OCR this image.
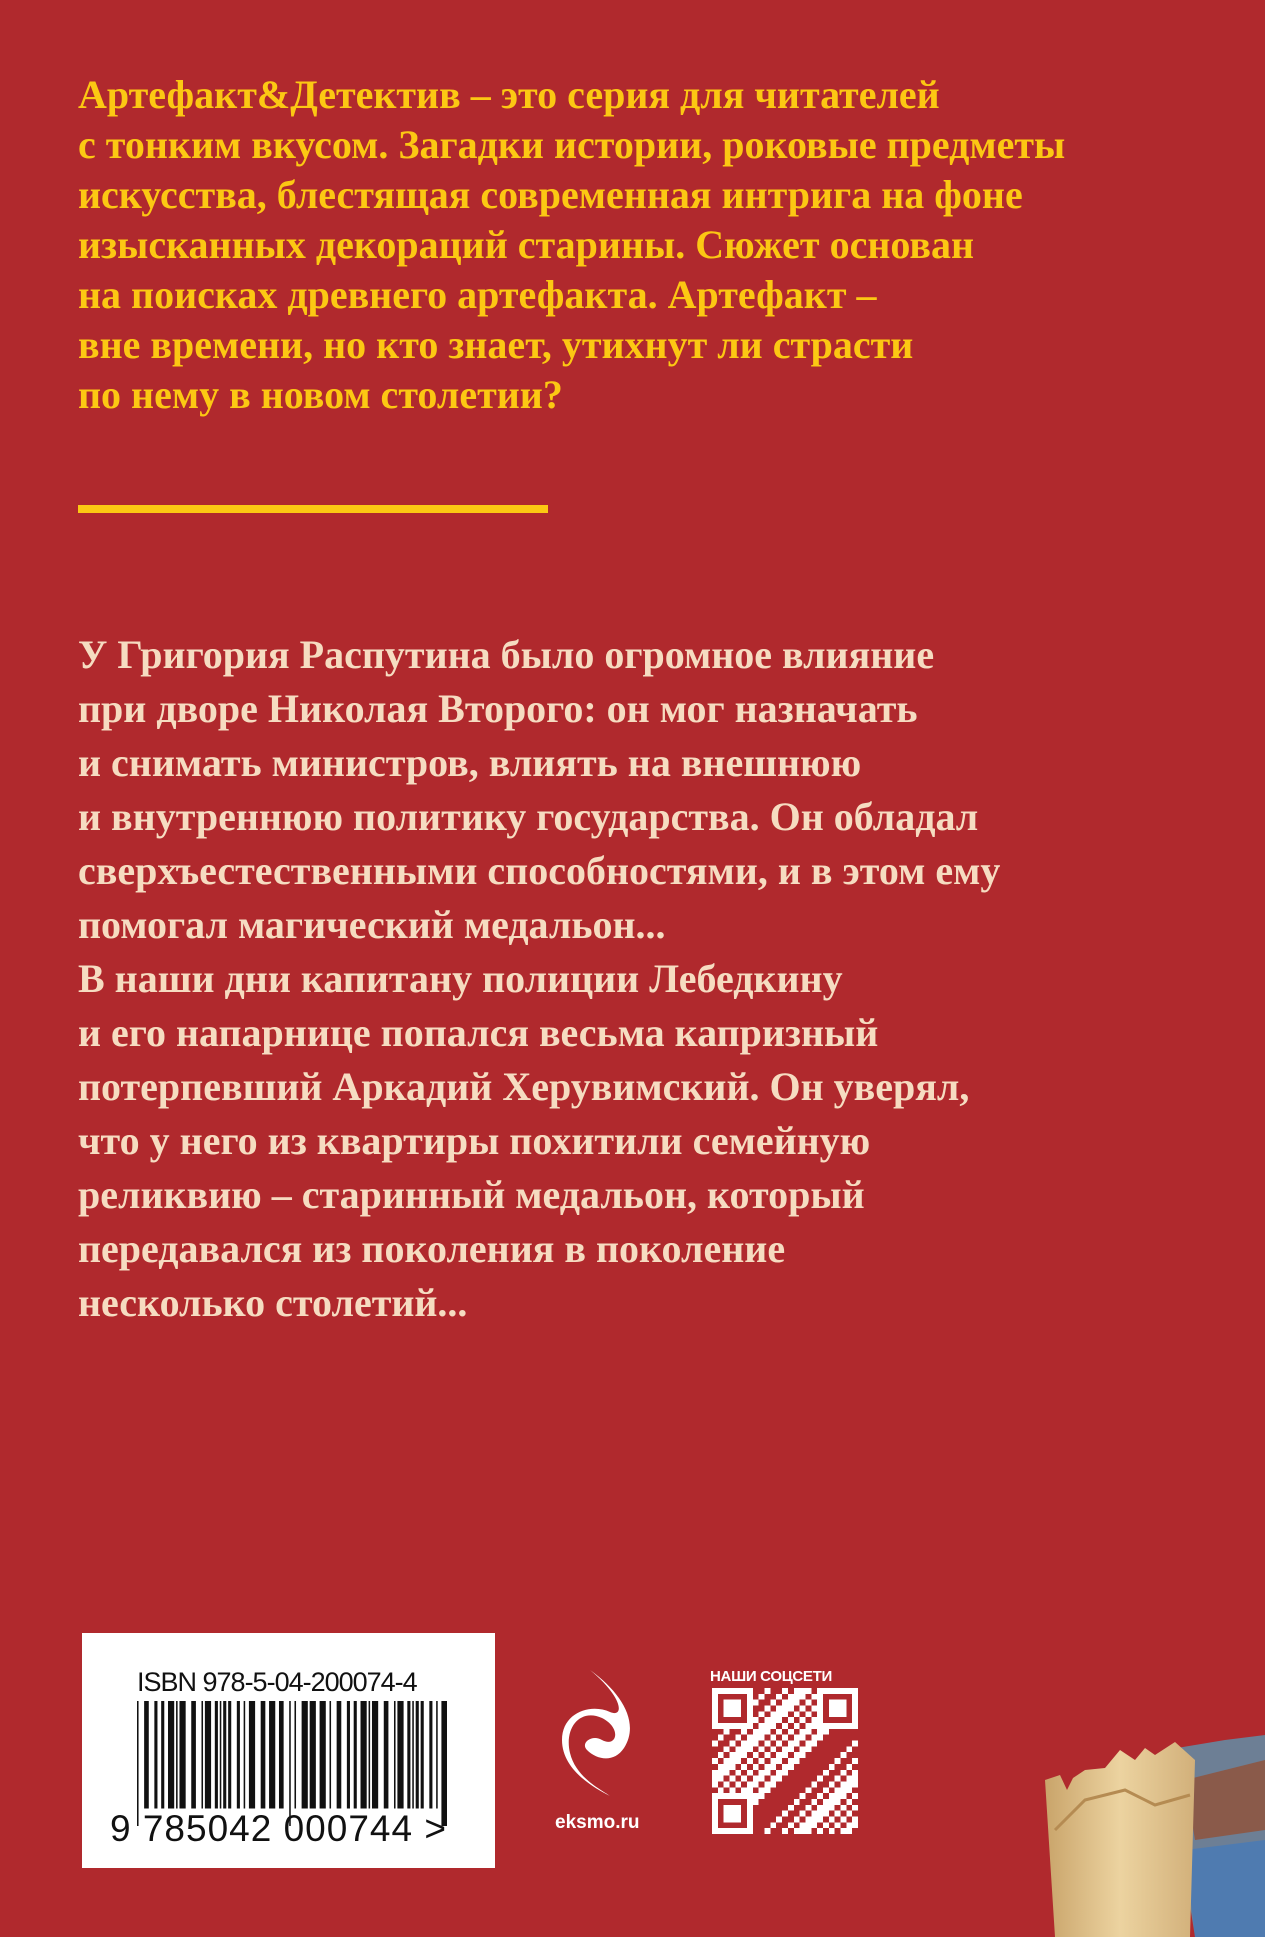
Артефакт&Детектив – это серия для читателей
с тонким вкусом. Загадки истории, роковые предметы
искусства, блестящая современная интрига на фоне
изысканных декораций старины. Сюжет основан
на поисках древнего артефакта. Артефакт –
вне времени, но кто знает, утихнут ли страсти
по нему в новом столетии?
У Григория Распутина было огромное влияние
при дворе Николая Второго: он мог назначать
и снимать министров, влиять на внешнюю
и внутреннюю политику государства. Он обладал
сверхъестественными способностями, и в этом ему
помогал магический медальон...
В наши дни капитану полиции Лебедкину
и его напарнице попался весьма капризный
потерпевший Аркадий Херувимский. Он уверял,
что у него из квартиры похитили семейную
реликвию – старинный медальон, который
передавался из поколения в поколение
несколько столетий...
ISBN 978-5-04-200074-4
9 785042 000744 >	eksmo.ru
НАШИ СОЦСЕТИ
